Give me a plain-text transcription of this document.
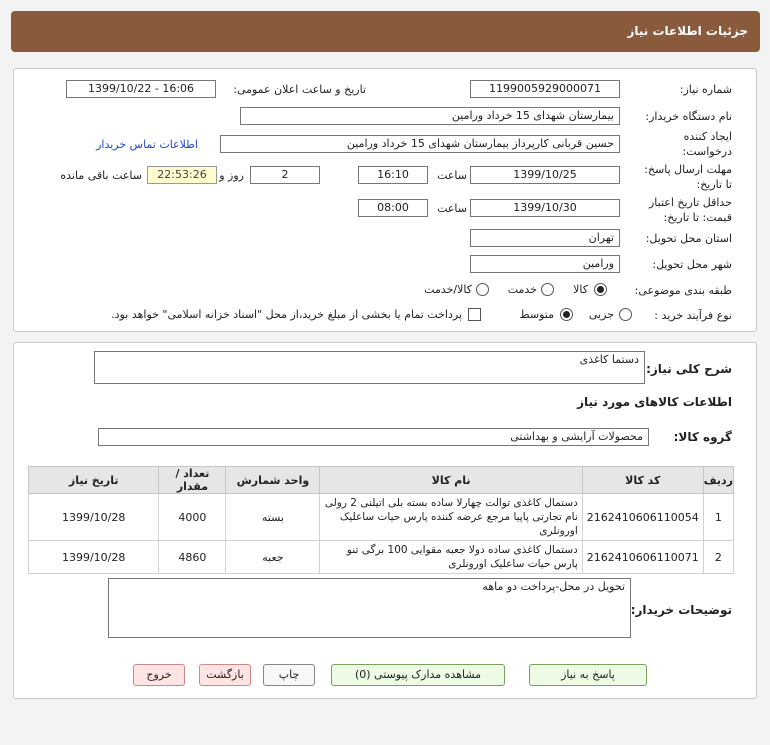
جزئیات اطلاعات نیاز
شماره نیاز:
1199005929000071
تاریخ و ساعت اعلان عمومی:
1399/10/22 - 16:06
نام دستگاه خریدار:
بیمارستان شهدای 15 خرداد ورامین
ایجاد کننده
درخواست:
حسین قربانی کارپرداز بیمارستان شهدای 15 خرداد ورامین
اطلاعات تماس خریدار
مهلت ارسال پاسخ:
تا تاریخ:
1399/10/25
ساعت
16:10
2
روز و
22:53:26
ساعت باقی مانده
حداقل تاریخ اعتبار
قیمت: تا تاریخ:
1399/10/30
ساعت
08:00
استان محل تحویل:
تهران
شهر محل تحویل:
ورامین
طبقه بندی موضوعی:
کالا
خدمت
کالا/خدمت
نوع فرآیند خرید :
جزیی
متوسط
پرداخت تمام یا بخشی از مبلغ خرید،از محل "اسناد خزانه اسلامی" خواهد بود.
شرح کلی نیاز:
دستما کاغذی
اطلاعات کالاهای مورد نیاز
گروه کالا:
محصولات آرایشی و بهداشتی
ردیف	کد کالا	نام کالا	واحد شمارش	تعداد / مقدار	تاریخ نیاز
1	2162410606110054	دستمال کاغذی توالت چهارلا ساده بسته بلی اتیلنی 2 رولی نام تجارتی پاپیا مرجع عرضه کننده پارس حیات ساعلیک اورونلری	بسته	4000	1399/10/28
2	2162410606110071	دستمال کاغذی ساده دولا جعبه مقوایی 100 برگی تنو پارس حیات ساعلیک اورونلری	جعبه	4860	1399/10/28
توضیحات خریدار:
تحویل در محل-پرداخت دو ماهه
پاسخ به نیاز
مشاهده مدارک پیوستی (0)
چاپ
بازگشت
خروج
